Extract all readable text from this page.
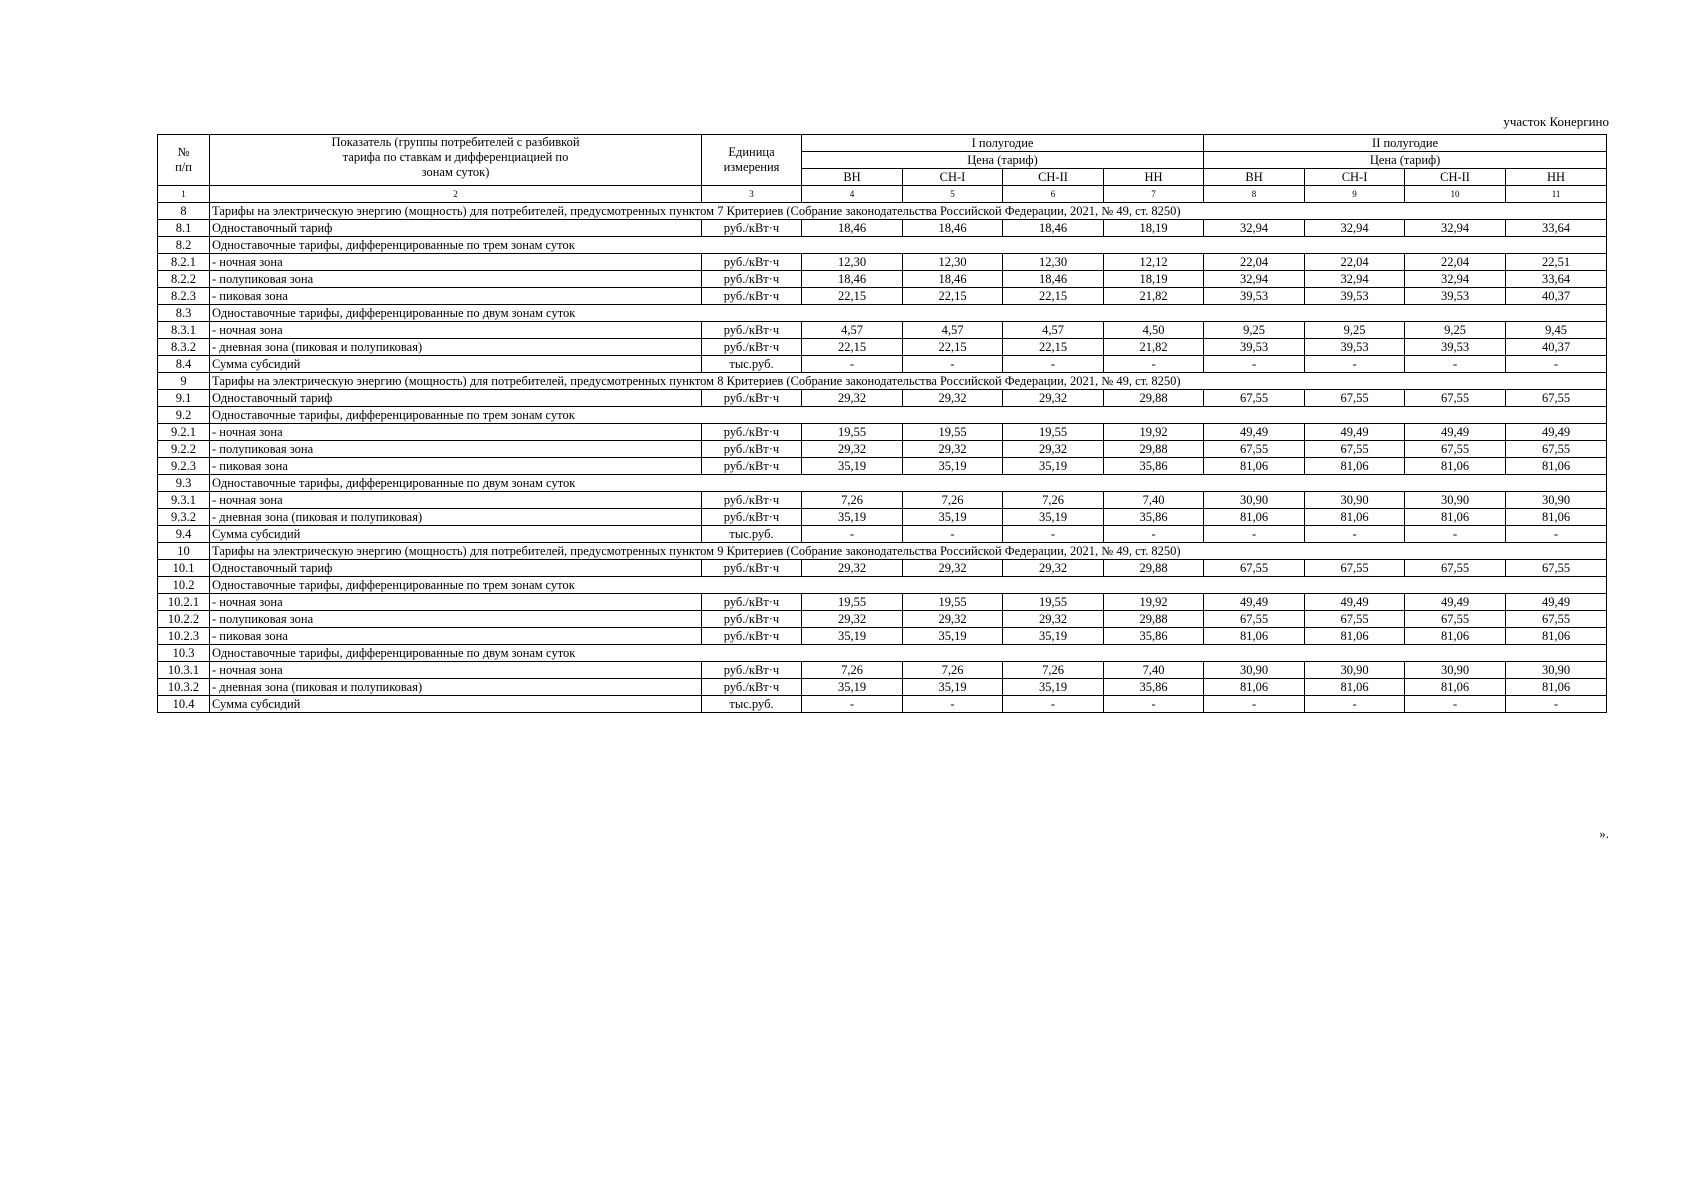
участок Конергино
№
п/п	Показатель (группы потребителей с разбивкой тарифа по ставкам и дифференциацией по зонам суток)	Единица измерения	I полугодие				II полугодие			
			Цена (тариф)				Цена (тариф)			
			ВН	СН-I	СН-II	НН	ВН	СН-I	СН-II	НН
1	2	3	4	5	6	7	8	9	10	11
8	Тарифы на электрическую энергию (мощность) для потребителей, предусмотренных пунктом 7 Критериев (Собрание законодательства Российской Федерации, 2021, № 49, ст. 8250)									
8.1	Одноставочный тариф	руб./кВт·ч	18,46	18,46	18,46	18,19	32,94	32,94	32,94	33,64
8.2	Одноставочные тарифы, дифференцированные по трем зонам суток									
8.2.1	- ночная зона	руб./кВт·ч	12,30	12,30	12,30	12,12	22,04	22,04	22,04	22,51
8.2.2	- полупиковая зона	руб./кВт·ч	18,46	18,46	18,46	18,19	32,94	32,94	32,94	33,64
8.2.3	- пиковая зона	руб./кВт·ч	22,15	22,15	22,15	21,82	39,53	39,53	39,53	40,37
8.3	Одноставочные тарифы, дифференцированные по двум зонам суток									
8.3.1	- ночная зона	руб./кВт·ч	4,57	4,57	4,57	4,50	9,25	9,25	9,25	9,45
8.3.2	- дневная зона (пиковая и полупиковая)	руб./кВт·ч	22,15	22,15	22,15	21,82	39,53	39,53	39,53	40,37
8.4	Сумма субсидий	тыс.руб.	-	-	-	-	-	-	-	-
9	Тарифы на электрическую энергию (мощность) для потребителей, предусмотренных пунктом 8 Критериев (Собрание законодательства Российской Федерации, 2021, № 49, ст. 8250)									
9.1	Одноставочный тариф	руб./кВт·ч	29,32	29,32	29,32	29,88	67,55	67,55	67,55	67,55
9.2	Одноставочные тарифы, дифференцированные по трем зонам суток									
9.2.1	- ночная зона	руб./кВт·ч	19,55	19,55	19,55	19,92	49,49	49,49	49,49	49,49
9.2.2	- полупиковая зона	руб./кВт·ч	29,32	29,32	29,32	29,88	67,55	67,55	67,55	67,55
9.2.3	- пиковая зона	руб./кВт·ч	35,19	35,19	35,19	35,86	81,06	81,06	81,06	81,06
9.3	Одноставочные тарифы, дифференцированные по двум зонам суток									
9.3.1	- ночная зона	руб./кВт·ч	7,26	7,26	7,26	7,40	30,90	30,90	30,90	30,90
9.3.2	- дневная зона (пиковая и полупиковая)	руб./кВт·ч	35,19	35,19	35,19	35,86	81,06	81,06	81,06	81,06
9.4	Сумма субсидий	тыс.руб.	-	-	-	-	-	-	-	-
10	Тарифы на электрическую энергию (мощность) для потребителей, предусмотренных пунктом 9 Критериев (Собрание законодательства Российской Федерации, 2021, № 49, ст. 8250)									
10.1	Одноставочный тариф	руб./кВт·ч	29,32	29,32	29,32	29,88	67,55	67,55	67,55	67,55
10.2	Одноставочные тарифы, дифференцированные по трем зонам суток									
10.2.1	- ночная зона	руб./кВт·ч	19,55	19,55	19,55	19,92	49,49	49,49	49,49	49,49
10.2.2	- полупиковая зона	руб./кВт·ч	29,32	29,32	29,32	29,88	67,55	67,55	67,55	67,55
10.2.3	- пиковая зона	руб./кВт·ч	35,19	35,19	35,19	35,86	81,06	81,06	81,06	81,06
10.3	Одноставочные тарифы, дифференцированные по двум зонам суток									
10.3.1	- ночная зона	руб./кВт·ч	7,26	7,26	7,26	7,40	30,90	30,90	30,90	30,90
10.3.2	- дневная зона (пиковая и полупиковая)	руб./кВт·ч	35,19	35,19	35,19	35,86	81,06	81,06	81,06	81,06
10.4	Сумма субсидий	тыс.руб.	-	-	-	-	-	-	-	-
».
